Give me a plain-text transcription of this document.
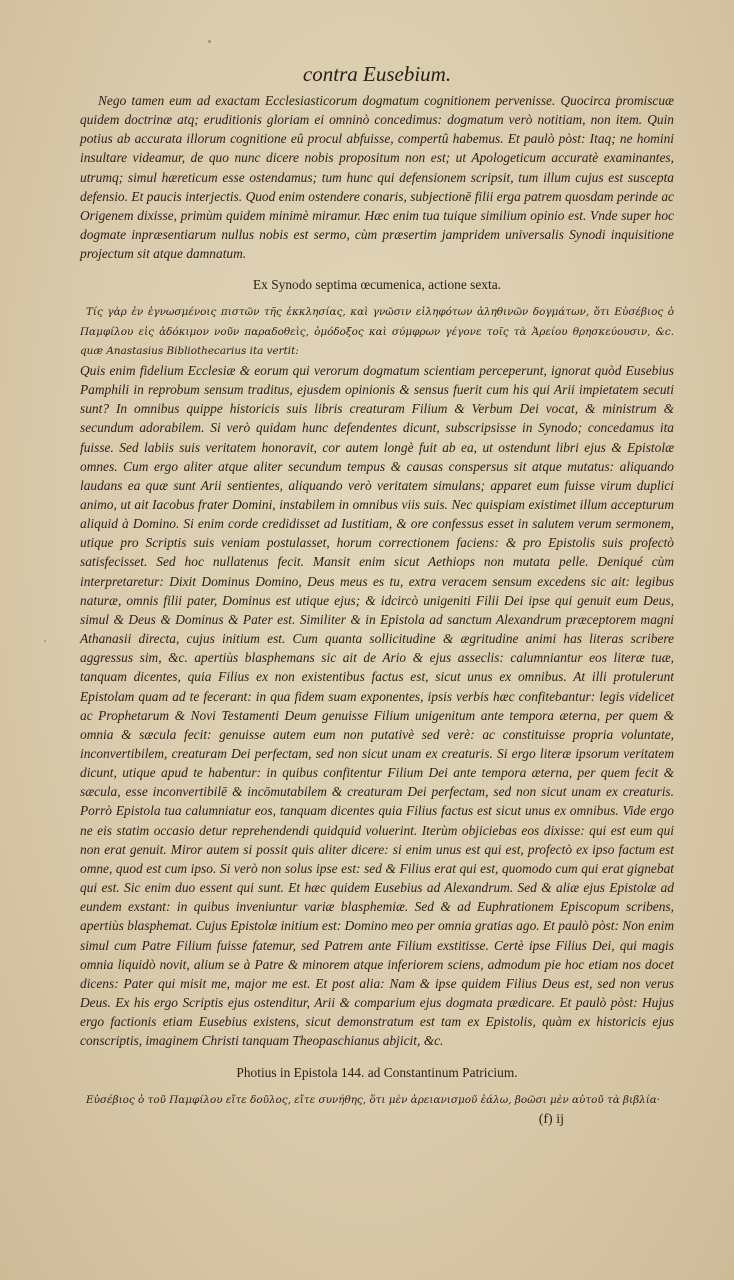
contra Eusebium.

Nego tamen eum ad exactam Ecclesiasticorum dogmatum cognitionem pervenisse. Quocirca promiscuæ quidem doctrinæ atq; eruditionis gloriam ei omninò concedimus: dogmatum verò notitiam, non item. Quin potius ab accurata illorum cognitione eû procul abfuisse, compertû habemus. Et paulò pòst: Itaq; ne homini insultare videamur, de quo nunc dicere nobis propositum non est; ut Apologeticum accuratè examinantes, utrumq; simul hæreticum esse ostendamus; tum hunc qui defensionem scripsit, tum illum cujus est suscepta defensio. Et paucis interjectis. Quod enim ostendere conaris, subjectionē filii erga patrem quosdam perinde ac Origenem dixisse, primùm quidem minimè miramur. Hæc enim tua tuique similium opinio est. Vnde super hoc dogmate inpræsentiarum nullus nobis est sermo, cùm præsertim jampridem universalis Synodi inquisitione projectum sit atque damnatum.

Ex Synodo septima œcumenica, actione sexta.

Τίς γὰρ ἐν ἐγνωσμένοις πιστῶν τῆς ἐκκλησίας, καὶ γνῶσιν εἰληφότων ἀληθινῶν δογμάτων, ὅτι Εὐσέβιος ὁ Παμφίλου εἰς ἀδόκιμον νοῦν παραδοθεὶς, ὁμόδοξος καὶ σύμφρων γέγονε τοῖς τὰ Ἀρείου θρησκεύουσιν, &c. quæ Anastasius Bibliothecarius ita vertit:

Quis enim fidelium Ecclesiæ & eorum qui verorum dogmatum scientiam perceperunt, ignorat quòd Eusebius Pamphili in reprobum sensum traditus, ejusdem opinionis & sensus fuerit cum his qui Arii impietatem secuti sunt? In omnibus quippe historicis suis libris creaturam Filium & Verbum Dei vocat, & ministrum & secundum adorabilem. Si verò quidam hunc defendentes dicunt, subscripsisse in Synodo; concedamus ita fuisse. Sed labiis suis veritatem honoravit, cor autem longè fuit ab ea, ut ostendunt libri ejus & Epistolæ omnes. Cum ergo aliter atque aliter secundum tempus & causas conspersus sit atque mutatus: aliquando laudans ea quæ sunt Arii sentientes, aliquando verò veritatem simulans; apparet eum fuisse virum duplici animo, ut ait Iacobus frater Domini, instabilem in omnibus viis suis. Nec quispiam existimet illum accepturum aliquid à Domino. Si enim corde credidisset ad Iustitiam, & ore confessus esset in salutem verum sermonem, utique pro Scriptis suis veniam postulasset, horum correctionem faciens: & pro Epistolis suis profectò satisfecisset. Sed hoc nullatenus fecit. Mansit enim sicut Aethiops non mutata pelle. Deniqué cùm interpretaretur: Dixit Dominus Domino, Deus meus es tu, extra veracem sensum excedens sic ait: legibus naturæ, omnis filii pater, Dominus est utique ejus; & idcircò unigeniti Filii Dei ipse qui genuit eum Deus, simul & Deus & Dominus & Pater est. Similiter & in Epistola ad sanctum Alexandrum præceptorem magni Athanasii directa, cujus initium est. Cum quanta sollicitudine & ægritudine animi has literas scribere aggressus sim, &c. apertiùs blasphemans sic ait de Ario & ejus asseclis: calumniantur eos literæ tuæ, tanquam dicentes, quia Filius ex non existentibus factus est, sicut unus ex omnibus. At illi protulerunt Epistolam quam ad te fecerant: in qua fidem suam exponentes, ipsis verbis hæc confitebantur: legis videlicet ac Prophetarum & Novi Testamenti Deum genuisse Filium unigenitum ante tempora æterna, per quem & omnia & sæcula fecit: genuisse autem eum non putativè sed verè: ac constituisse propria voluntate, inconvertibilem, creaturam Dei perfectam, sed non sicut unam ex creaturis. Si ergo literæ ipsorum veritatem dicunt, utique apud te habentur: in quibus confitentur Filium Dei ante tempora æterna, per quem fecit & sæcula, esse inconvertibilē & incōmutabilem & creaturam Dei perfectam, sed non sicut unam ex creaturis. Porrò Epistola tua calumniatur eos, tanquam dicentes quia Filius factus est sicut unus ex omnibus. Vide ergo ne eis statim occasio detur reprehendendi quidquid voluerint. Iterùm objiciebas eos dixisse: qui est eum qui non erat genuit. Miror autem si possit quis aliter dicere: si enim unus est qui est, profectò ex ipso factum est omne, quod est cum ipso. Si verò non solus ipse est: sed & Filius erat qui est, quomodo cum qui erat gignebat qui est. Sic enim duo essent qui sunt. Et hæc quidem Eusebius ad Alexandrum. Sed & aliæ ejus Epistolæ ad eundem exstant: in quibus inveniuntur variæ blasphemiæ. Sed & ad Euphrationem Episcopum scribens, apertiùs blasphemat. Cujus Epistolæ initium est: Domino meo per omnia gratias ago. Et paulò pòst: Non enim simul cum Patre Filium fuisse fatemur, sed Patrem ante Filium exstitisse. Certè ipse Filius Dei, qui magis omnia liquidò novit, alium se à Patre & minorem atque inferiorem sciens, admodum pie hoc etiam nos docet dicens: Pater qui misit me, major me est. Et post alia: Nam & ipse quidem Filius Deus est, sed non verus Deus. Ex his ergo Scriptis ejus ostenditur, Arii & comparium ejus dogmata prædicare. Et paulò pòst: Hujus ergo factionis etiam Eusebius existens, sicut demonstratum est tam ex Epistolis, quàm ex historicis ejus conscriptis, imaginem Christi tanquam Theopaschianus abjicit, &c.

Photius in Epistola 144. ad Constantinum Patricium.

Εὐσέβιος ὁ τοῦ Παμφίλου εἴτε δοῦλος, εἴτε συνήθης, ὅτι μὲν ἀρειανισμοῦ ἑάλω, βοῶσι μὲν αὐτοῦ τὰ βιβλία·

(f) ij
